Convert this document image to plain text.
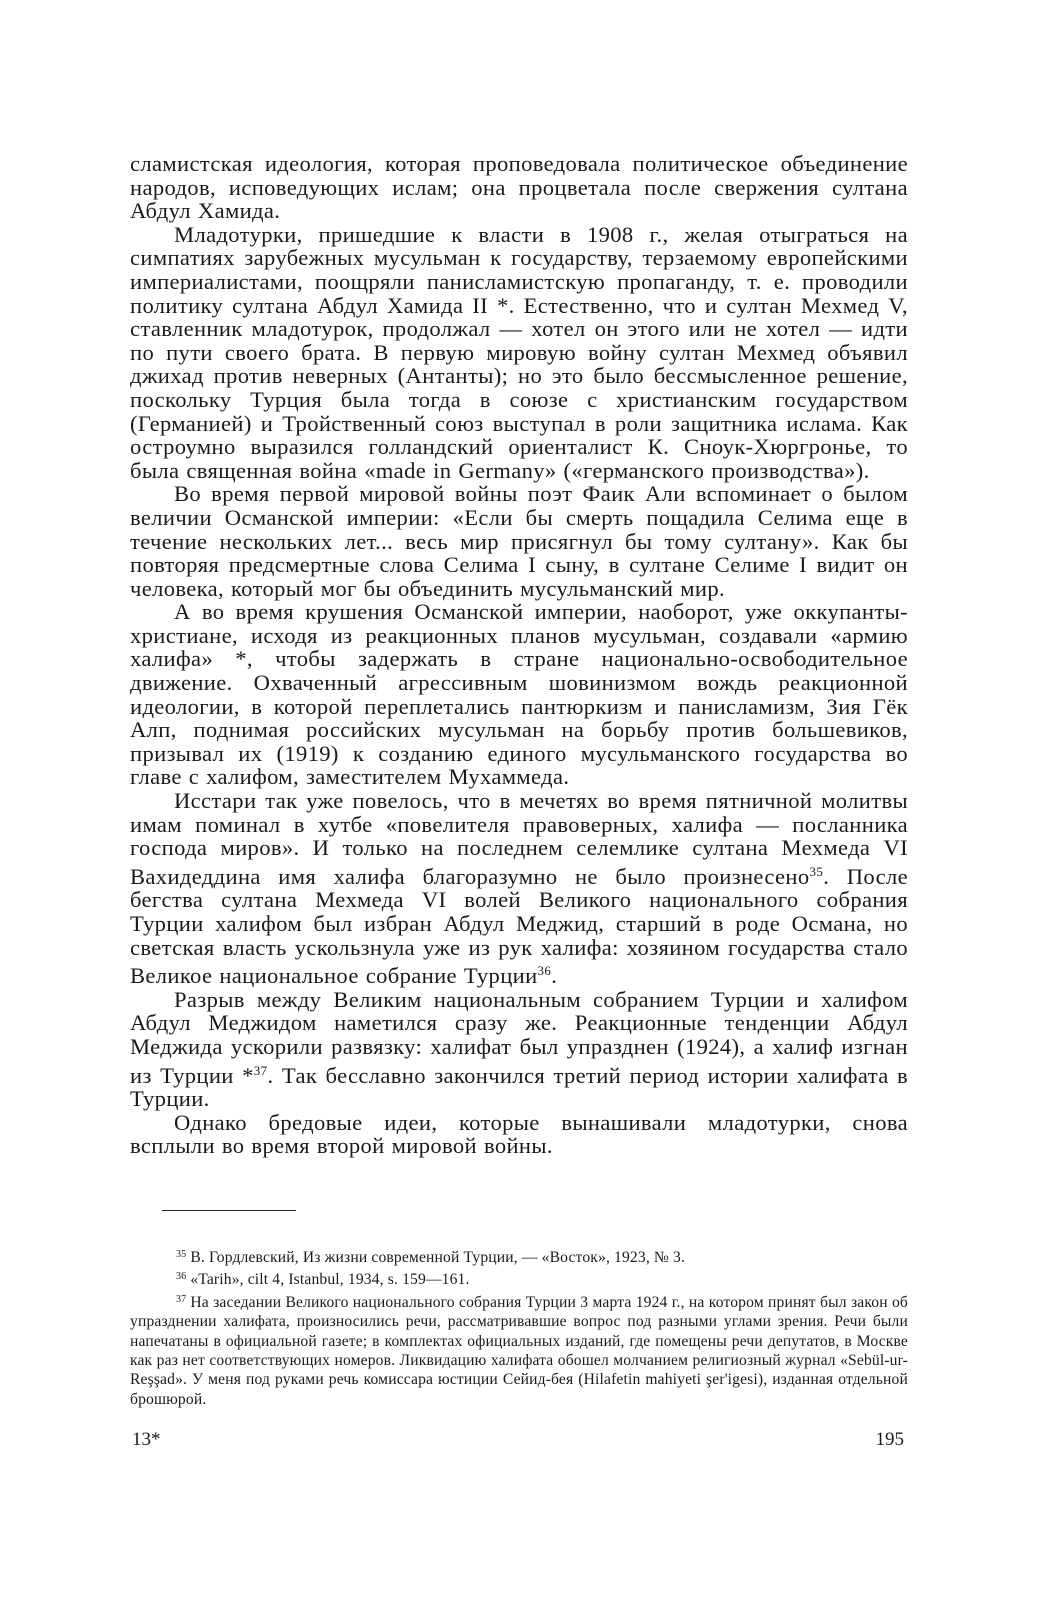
сламистская идеология, которая проповедовала политическое объединение народов, исповедующих ислам; она процветала после свержения султана Абдул Хамида.

Младотурки, пришедшие к власти в 1908 г., желая отыграться на симпатиях зарубежных мусульман к государству, терзаемому европейскими империалистами, поощряли панисламистскую пропаганду, т. е. проводили политику султана Абдул Хамида II *. Естественно, что и султан Мехмед V, ставленник младотурок, продолжал — хотел он этого или не хотел — идти по пути своего брата. В первую мировую войну султан Мехмед объявил джихад против неверных (Антанты); но это было бессмысленное решение, поскольку Турция была тогда в союзе с христианским государством (Германией) и Тройственный союз выступал в роли защитника ислама. Как остроумно выразился голландский ориенталист К. Сноук-Хюргронье, то была священная война «made in Germany» («германского производства»).

Во время первой мировой войны поэт Фаик Али вспоминает о былом величии Османской империи: «Если бы смерть пощадила Селима еще в течение нескольких лет... весь мир присягнул бы тому султану». Как бы повторяя предсмертные слова Селима I сыну, в султане Селиме I видит он человека, который мог бы объединить мусульманский мир.

А во время крушения Османской империи, наоборот, уже оккупанты-христиане, исходя из реакционных планов мусульман, создавали «армию халифа» *, чтобы задержать в стране национально-освободительное движение. Охваченный агрессивным шовинизмом вождь реакционной идеологии, в которой переплетались пантюркизм и панисламизм, Зия Гёк Алп, поднимая российских мусульман на борьбу против большевиков, призывал их (1919) к созданию единого мусульманского государства во главе с халифом, заместителем Мухаммеда.

Исстари так уже повелось, что в мечетях во время пятничной молитвы имам поминал в хутбе «повелителя правоверных, халифа — посланника господа миров». И только на последнем селемлике султана Мехмеда VI Вахидеддина имя халифа благоразумно не было произнесено$^{35}$. После бегства султана Мехмеда VI волей Великого национального собрания Турции халифом был избран Абдул Меджид, старший в роде Османа, но светская власть ускользнула уже из рук халифа: хозяином государства стало Великое национальное собрание Турции$^{36}$.

Разрыв между Великим национальным собранием Турции и халифом Абдул Меджидом наметился сразу же. Реакционные тенденции Абдул Меджида ускорили развязку: халифат был упразднен (1924), а халиф изгнан из Турции *$^{37}$. Так бесславно закончился третий период истории халифата в Турции.

Однако бредовые идеи, которые вынашивали младотурки, снова всплыли во время второй мировой войны.

$^{35}$ В. Гордлевский, Из жизни современной Турции, — «Восток», 1923, № 3.

$^{36}$ «Tarih», cilt 4, Istanbul, 1934, s. 159—161.

$^{37}$ На заседании Великого национального собрания Турции 3 марта 1924 г., на котором принят был закон об упразднении халифата, произносились речи, рассматривавшие вопрос под разными углами зрения. Речи были напечатаны в официальной газете; в комплектах официальных изданий, где помещены речи депутатов, в Москве как раз нет соответствующих номеров. Ликвидацию халифата обошел молчанием религиозный журнал «Sebül-ur-Reşşad». У меня под руками речь комиссара юстиции Сейид-бея (Hilafetin mahiyeti şer'igesi), изданная отдельной брошюрой.

13*	195
